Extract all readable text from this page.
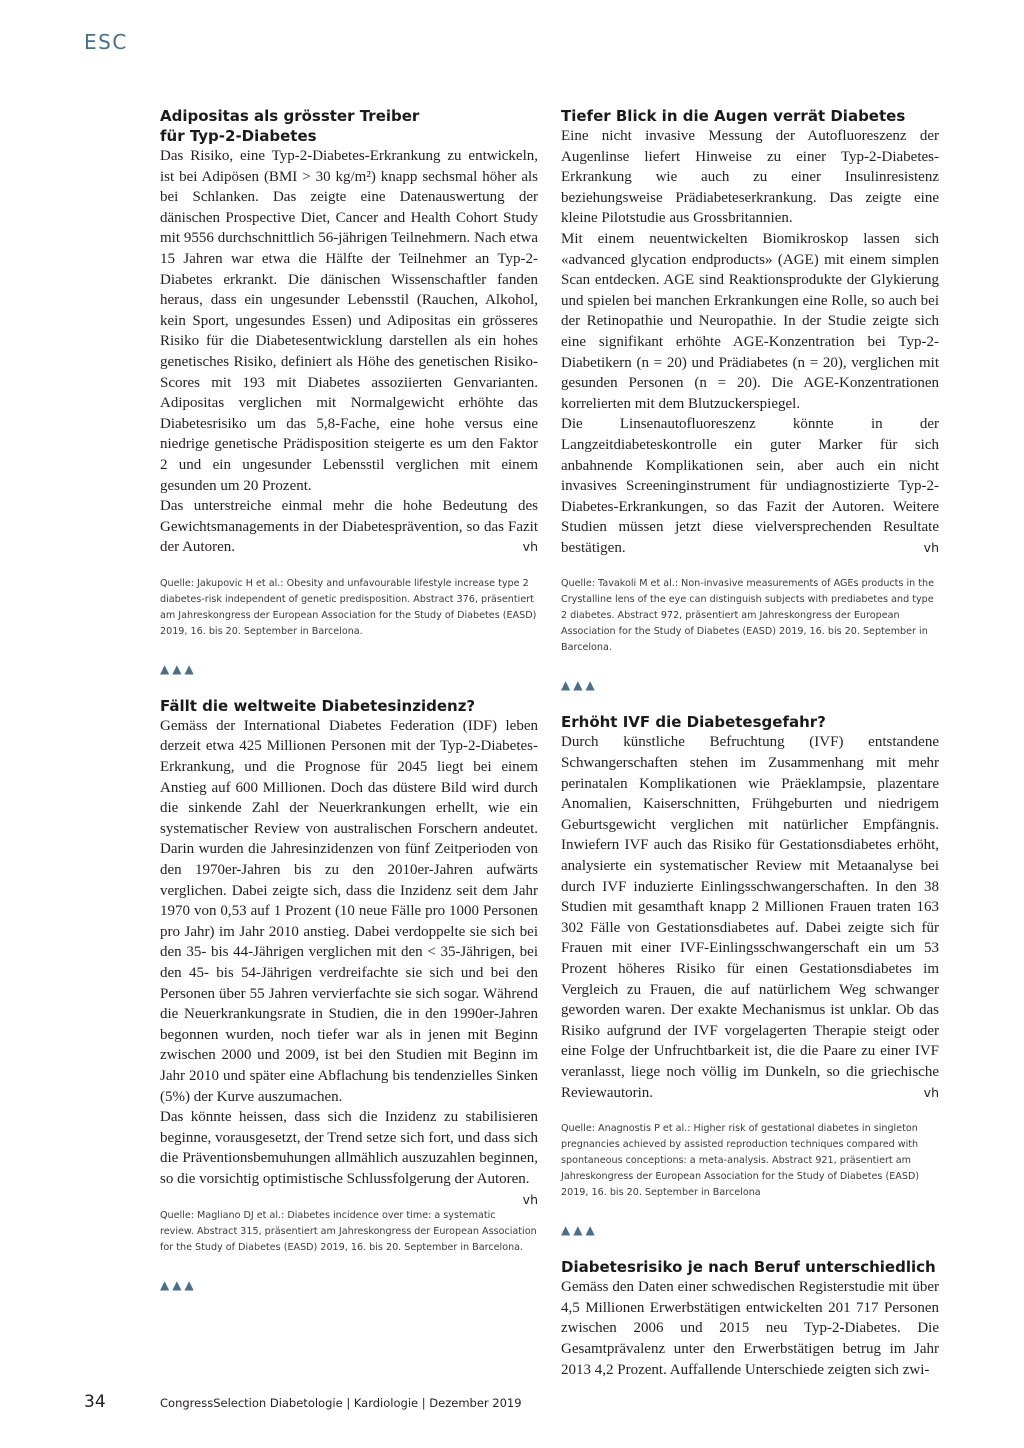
ESC
Adipositas als grösster Treiber
für Typ-2-Diabetes

Das Risiko, eine Typ-2-Diabetes-Erkrankung zu entwickeln, ist bei Adipösen (BMI > 30 kg/m²) knapp sechsmal höher als bei Schlanken. Das zeigte eine Datenauswertung der dänischen Prospective Diet, Cancer and Health Cohort Study mit 9556 durchschnittlich 56-jährigen Teilnehmern. Nach etwa 15 Jahren war etwa die Hälfte der Teilnehmer an Typ-2-Diabetes erkrankt. Die dänischen Wissenschaftler fanden heraus, dass ein ungesunder Lebensstil (Rauchen, Alkohol, kein Sport, ungesundes Essen) und Adipositas ein grösseres Risiko für die Diabetesentwicklung darstellen als ein hohes genetisches Risiko, definiert als Höhe des genetischen Risiko-Scores mit 193 mit Diabetes assoziierten Genvarianten. Adipositas verglichen mit Normalgewicht erhöhte das Diabetesrisiko um das 5,8-Fache, eine hohe versus eine niedrige genetische Prädisposition steigerte es um den Faktor 2 und ein ungesunder Lebensstil verglichen mit einem gesunden um 20 Prozent.

Das unterstreiche einmal mehr die hohe Bedeutung des Gewichtsmanagements in der Diabetesprävention, so das Fazit der Autoren.	vh

Quelle: Jakupovic H et al.: Obesity and unfavourable lifestyle increase type 2 diabetes-risk independent of genetic predisposition. Abstract 376, präsentiert am Jahreskongress der European Association for the Study of Diabetes (EASD) 2019, 16. bis 20. September in Barcelona.

▲▲▲
Fällt die weltweite Diabetesinzidenz?

Gemäss der International Diabetes Federation (IDF) leben derzeit etwa 425 Millionen Personen mit der Typ-2-Diabetes-Erkrankung, und die Prognose für 2045 liegt bei einem Anstieg auf 600 Millionen. Doch das düstere Bild wird durch die sinkende Zahl der Neuerkrankungen erhellt, wie ein systematischer Review von australischen Forschern andeutet. Darin wurden die Jahresinzidenzen von fünf Zeitperioden von den 1970er-Jahren bis zu den 2010er-Jahren aufwärts verglichen. Dabei zeigte sich, dass die Inzidenz seit dem Jahr 1970 von 0,53 auf 1 Prozent (10 neue Fälle pro 1000 Personen pro Jahr) im Jahr 2010 anstieg. Dabei verdoppelte sie sich bei den 35- bis 44-Jährigen verglichen mit den < 35-Jährigen, bei den 45- bis 54-Jährigen verdreifachte sie sich und bei den Personen über 55 Jahren vervierfachte sie sich sogar. Während die Neuerkrankungsrate in Studien, die in den 1990er-Jahren begonnen wurden, noch tiefer war als in jenen mit Beginn zwischen 2000 und 2009, ist bei den Studien mit Beginn im Jahr 2010 und später eine Abflachung bis tendenzielles Sinken (5%) der Kurve auszumachen.

Das könnte heissen, dass sich die Inzidenz zu stabilisieren beginne, vorausgesetzt, der Trend setze sich fort, und dass sich die Präventionsbemuhungen allmählich auszuzahlen beginnen, so die vorsichtig optimistische Schlussfolgerung der Autoren.
vh

Quelle: Magliano DJ et al.: Diabetes incidence over time: a systematic review. Abstract 315, präsentiert am Jahreskongress der European Association for the Study of Diabetes (EASD) 2019, 16. bis 20. September in Barcelona.

▲▲▲
Tiefer Blick in die Augen verrät Diabetes

Eine nicht invasive Messung der Autofluoreszenz der Augenlinse liefert Hinweise zu einer Typ-2-Diabetes-Erkrankung wie auch zu einer Insulinresistenz beziehungsweise Prädiabeteserkrankung. Das zeigte eine kleine Pilotstudie aus Grossbritannien.

Mit einem neuentwickelten Biomikroskop lassen sich «advanced glycation endproducts» (AGE) mit einem simplen Scan entdecken. AGE sind Reaktionsprodukte der Glykierung und spielen bei manchen Erkrankungen eine Rolle, so auch bei der Retinopathie und Neuropathie. In der Studie zeigte sich eine signifikant erhöhte AGE-Konzentration bei Typ-2-Diabetikern (n = 20) und Prädiabetes (n = 20), verglichen mit gesunden Personen (n = 20). Die AGE-Konzentrationen korrelierten mit dem Blutzuckerspiegel.

Die Linsenautofluoreszenz könnte in der Langzeitdiabeteskontrolle ein guter Marker für sich anbahnende Komplikationen sein, aber auch ein nicht invasives Screeninginstrument für undiagnostizierte Typ-2-Diabetes-Erkrankungen, so das Fazit der Autoren. Weitere Studien müssen jetzt diese vielversprechenden Resultate bestätigen.	vh

Quelle: Tavakoli M et al.: Non-invasive measurements of AGEs products in the Crystalline lens of the eye can distinguish subjects with prediabetes and type 2 diabetes. Abstract 972, präsentiert am Jahreskongress der European Association for the Study of Diabetes (EASD) 2019, 16. bis 20. September in Barcelona.

▲▲▲
Erhöht IVF die Diabetesgefahr?

Durch künstliche Befruchtung (IVF) entstandene Schwangerschaften stehen im Zusammenhang mit mehr perinatalen Komplikationen wie Präeklampsie, plazentare Anomalien, Kaiserschnitten, Frühgeburten und niedrigem Geburtsgewicht verglichen mit natürlicher Empfängnis. Inwiefern IVF auch das Risiko für Gestationsdiabetes erhöht, analysierte ein systematischer Review mit Metaanalyse bei durch IVF induzierte Einlingsschwangerschaften. In den 38 Studien mit gesamthaft knapp 2 Millionen Frauen traten 163 302 Fälle von Gestationsdiabetes auf. Dabei zeigte sich für Frauen mit einer IVF-Einlingsschwangerschaft ein um 53 Prozent höheres Risiko für einen Gestationsdiabetes im Vergleich zu Frauen, die auf natürlichem Weg schwanger geworden waren. Der exakte Mechanismus ist unklar. Ob das Risiko aufgrund der IVF vorgelagerten Therapie steigt oder eine Folge der Unfruchtbarkeit ist, die die Paare zu einer IVF veranlasst, liege noch völlig im Dunkeln, so die griechische Reviewautorin.	vh

Quelle: Anagnostis P et al.: Higher risk of gestational diabetes in singleton pregnancies achieved by assisted reproduction techniques compared with spontaneous conceptions: a meta-analysis. Abstract 921, präsentiert am Jahreskongress der European Association for the Study of Diabetes (EASD) 2019, 16. bis 20. September in Barcelona

▲▲▲
Diabetesrisiko je nach Beruf unterschiedlich

Gemäss den Daten einer schwedischen Registerstudie mit über 4,5 Millionen Erwerbstätigen entwickelten 201 717 Personen zwischen 2006 und 2015 neu Typ-2-Diabetes. Die Gesamtprävalenz unter den Erwerbstätigen betrug im Jahr 2013 4,2 Prozent. Auffallende Unterschiede zeigten sich zwi-

34	CongressSelection Diabetologie | Kardiologie | Dezember 2019
